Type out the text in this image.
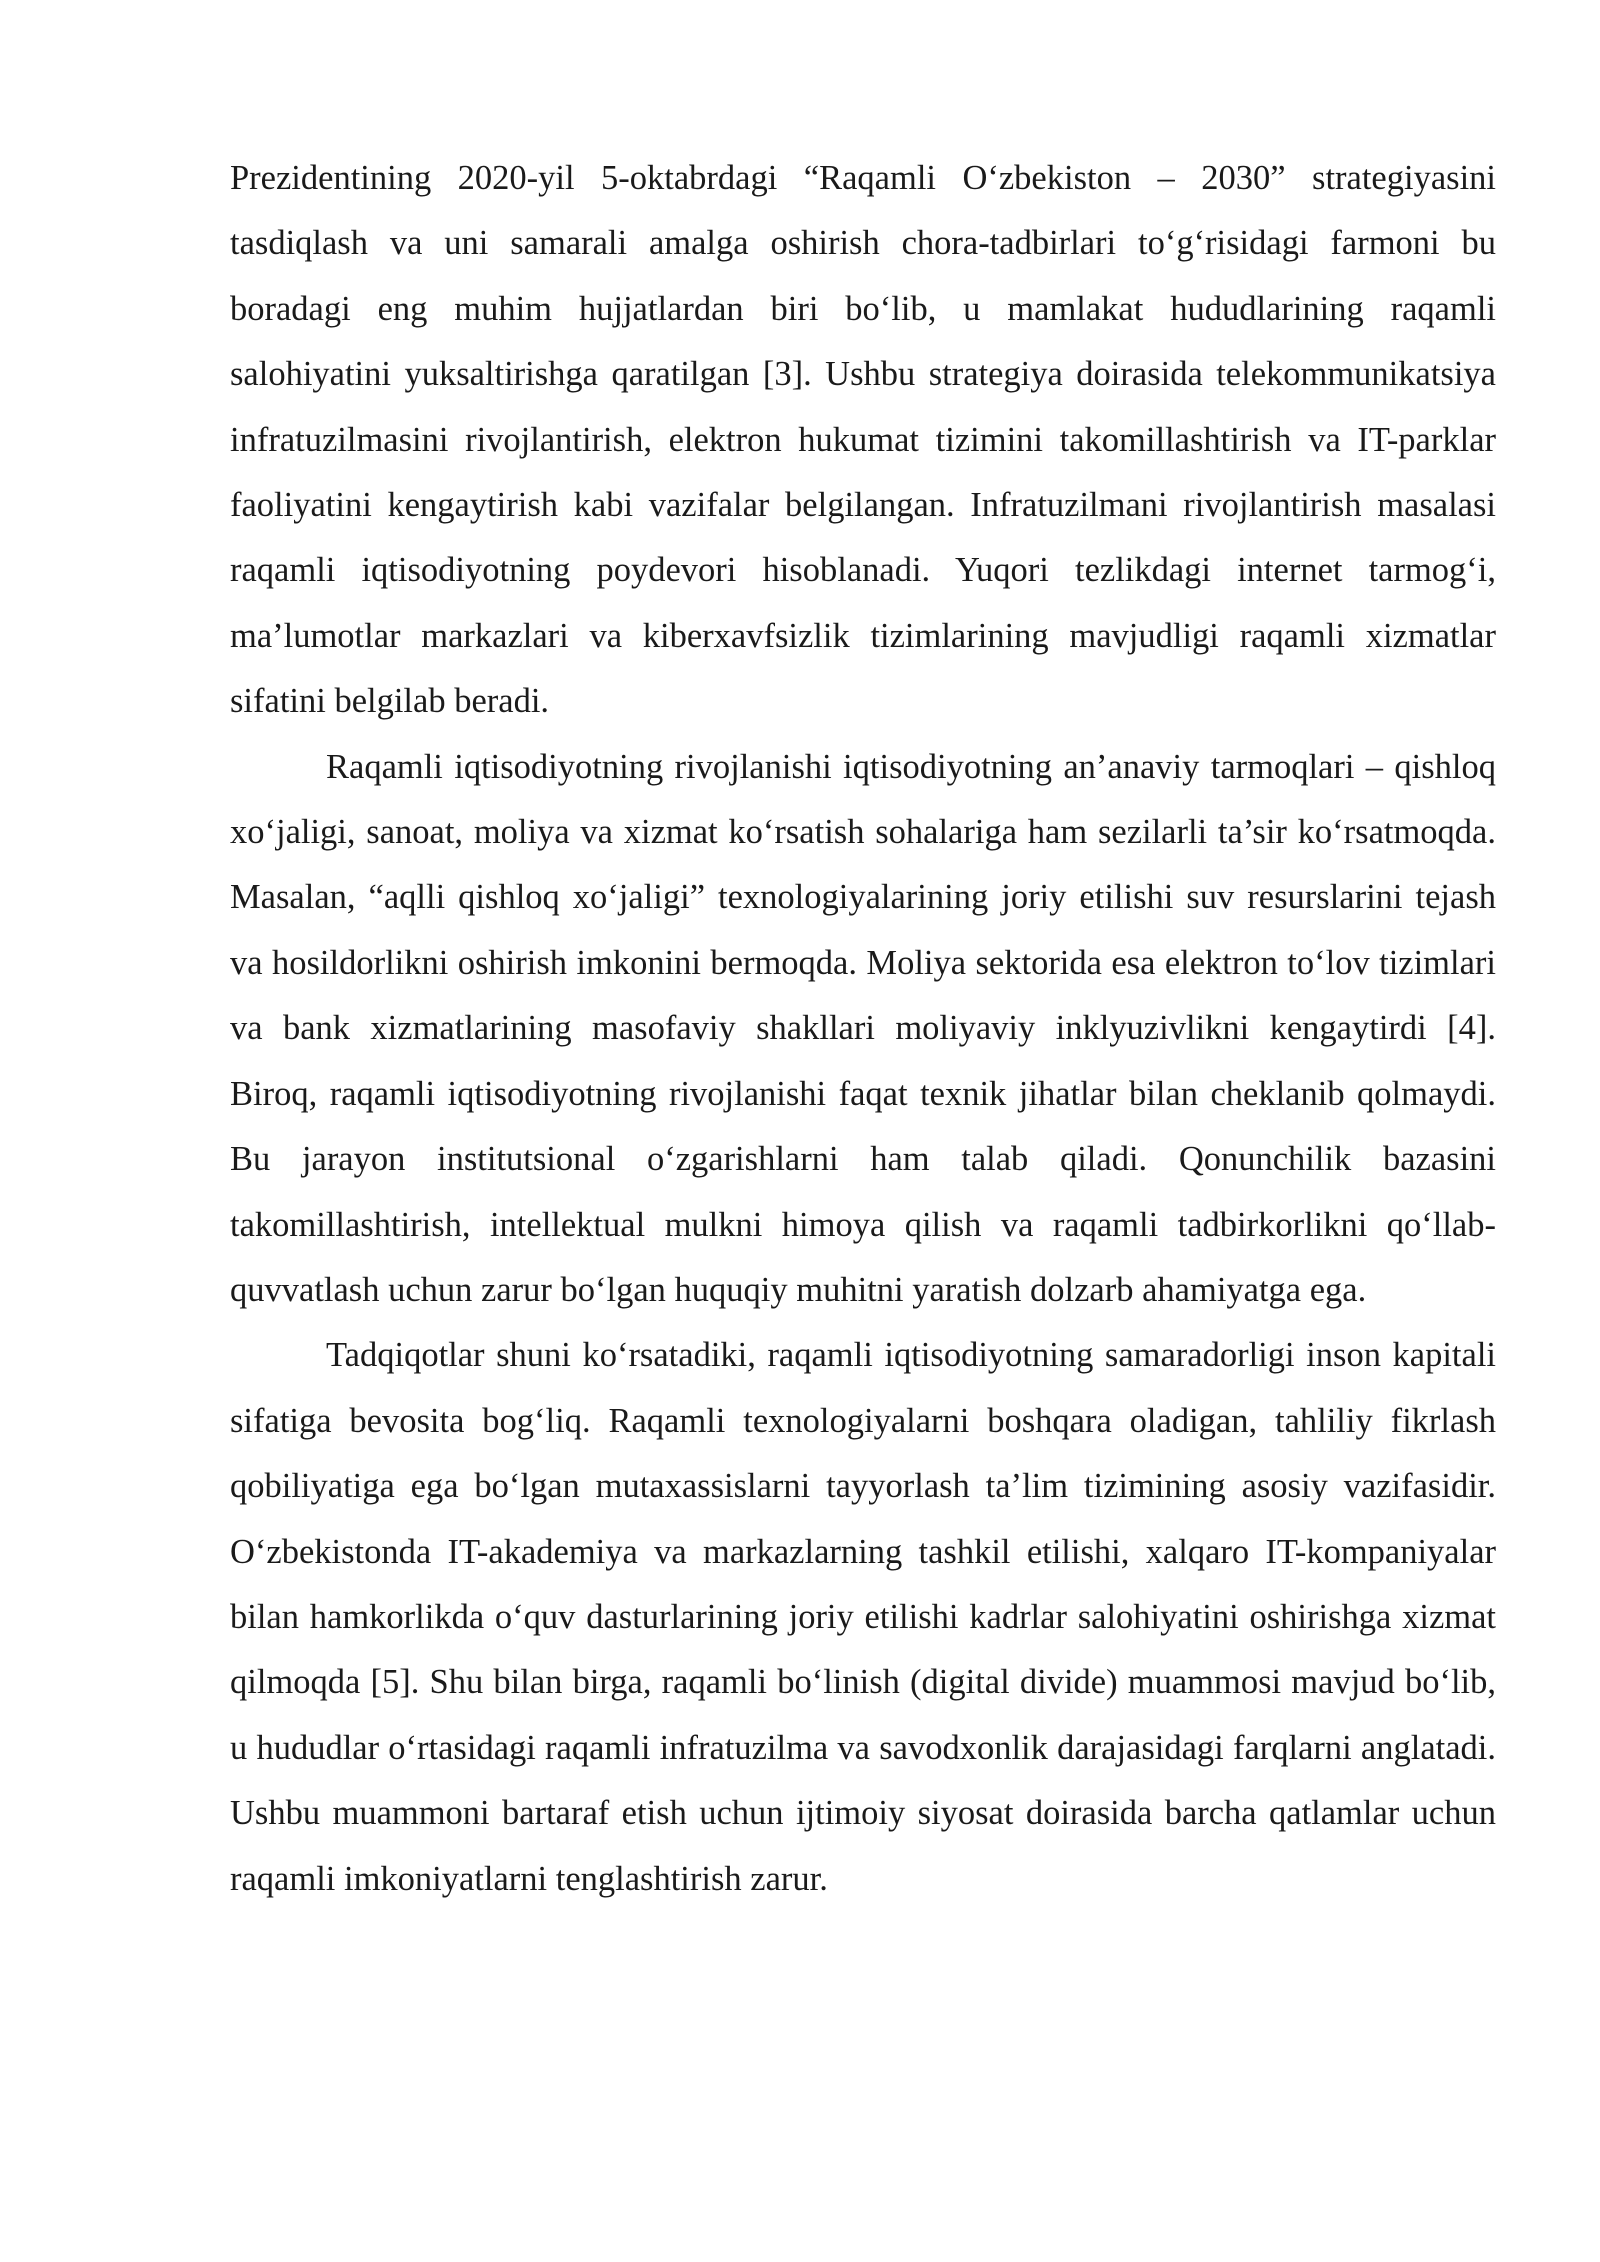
Prezidentining 2020-yil 5-oktabrdagi “Raqamli O‘zbekiston – 2030” strategiyasini tasdiqlash va uni samarali amalga oshirish chora-tadbirlari to‘g‘risidagi farmoni bu boradagi eng muhim hujjatlardan biri bo‘lib, u mamlakat hududlarining raqamli salohiyatini yuksaltirishga qaratilgan [3]. Ushbu strategiya doirasida telekommunikatsiya infratuzilmasini rivojlantirish, elektron hukumat tizimini takomillashtirish va IT-parklar faoliyatini kengaytirish kabi vazifalar belgilangan. Infratuzilmani rivojlantirish masalasi raqamli iqtisodiyotning poydevori hisoblanadi. Yuqori tezlikdagi internet tarmog‘i, ma’lumotlar markazlari va kiberxavfsizlik tizimlarining mavjudligi raqamli xizmatlar sifatini belgilab beradi.

Raqamli iqtisodiyotning rivojlanishi iqtisodiyotning an’anaviy tarmoqlari – qishloq xo‘jaligi, sanoat, moliya va xizmat ko‘rsatish sohalariga ham sezilarli ta’sir ko‘rsatmoqda. Masalan, “aqlli qishloq xo‘jaligi” texnologiyalarining joriy etilishi suv resurslarini tejash va hosildorlikni oshirish imkonini bermoqda. Moliya sektorida esa elektron to‘lov tizimlari va bank xizmatlarining masofaviy shakllari moliyaviy inklyuzivlikni kengaytirdi [4]. Biroq, raqamli iqtisodiyotning rivojlanishi faqat texnik jihatlar bilan cheklanib qolmaydi. Bu jarayon institutsional o‘zgarishlarni ham talab qiladi. Qonunchilik bazasini takomillashtirish, intellektual mulkni himoya qilish va raqamli tadbirkorlikni qo‘llab-quvvatlash uchun zarur bo‘lgan huquqiy muhitni yaratish dolzarb ahamiyatga ega.

Tadqiqotlar shuni ko‘rsatadiki, raqamli iqtisodiyotning samaradorligi inson kapitali sifatiga bevosita bog‘liq. Raqamli texnologiyalarni boshqara oladigan, tahliliy fikrlash qobiliyatiga ega bo‘lgan mutaxassislarni tayyorlash ta’lim tizimining asosiy vazifasidir. O‘zbekistonda IT-akademiya va markazlarning tashkil etilishi, xalqaro IT-kompaniyalar bilan hamkorlikda o‘quv dasturlarining joriy etilishi kadrlar salohiyatini oshirishga xizmat qilmoqda [5]. Shu bilan birga, raqamli bo‘linish (digital divide) muammosi mavjud bo‘lib, u hududlar o‘rtasidagi raqamli infratuzilma va savodxonlik darajasidagi farqlarni anglatadi. Ushbu muammoni bartaraf etish uchun ijtimoiy siyosat doirasida barcha qatlamlar uchun raqamli imkoniyatlarni tenglashtirish zarur.
